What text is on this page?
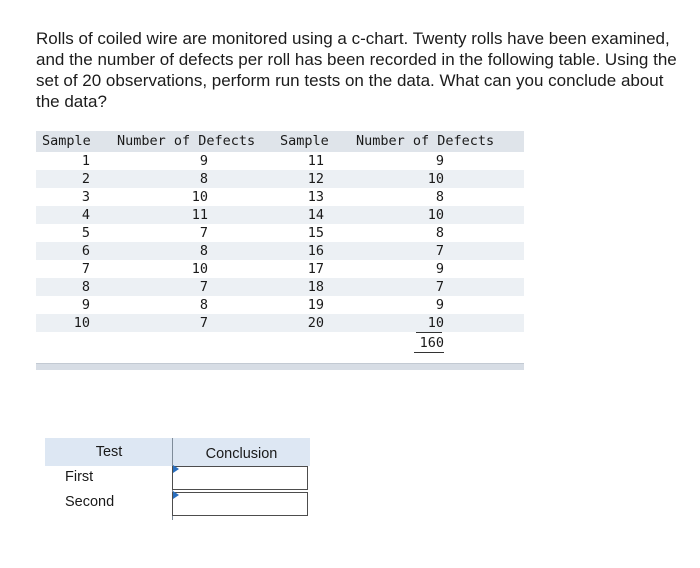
Rolls of coiled wire are monitored using a c-chart. Twenty rolls have been examined, and the number of defects per roll has been recorded in the following table. Using the set of 20 observations, perform run tests on the data. What can you conclude about the data?
Sample Number of Defects Sample Number of Defects
1	9	11	9
2	8	12	10
3	10	13	8
4	11	14	10
5	7	15	8
6	8	16	7
7	10	17	9
8	7	18	7
9	8	19	9
10	7	20	10
160
Test	Conclusion
First
Second
